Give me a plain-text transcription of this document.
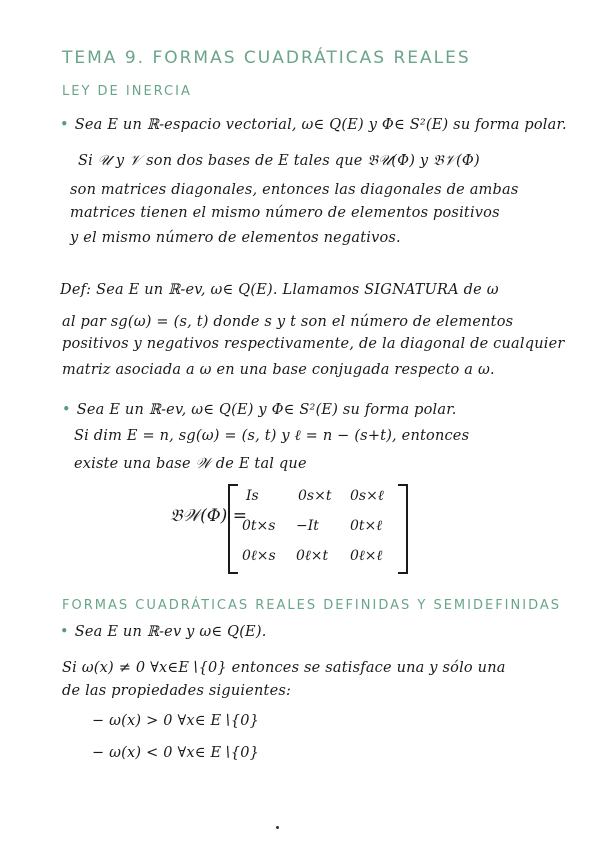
TEMA 9. FORMAS CUADRÁTICAS REALES
LEY DE INERCIA
• Sea E un ℝ-espacio vectorial, ω∈ Q(E) y Φ∈ S²(E) su forma polar.
Si 𝒰 y 𝒱 son dos bases de E tales que 𝔅𝒰(Φ) y 𝔅𝒱(Φ)
son matrices diagonales, entonces las diagonales de ambas
matrices tienen el mismo número de elementos positivos
y el mismo número de elementos negativos.
Def: Sea E un ℝ-ev, ω∈ Q(E). Llamamos SIGNATURA de ω
al par sg(ω) = (s, t) donde s y t son el número de elementos
positivos y negativos respectivamente, de la diagonal de cualquier
matriz asociada a ω en una base conjugada respecto a ω.
• Sea E un ℝ-ev, ω∈ Q(E) y Φ∈ S²(E) su forma polar.
Si dim E = n, sg(ω) = (s, t) y ℓ = n − (s+t), entonces
existe una base 𝒲 de E tal que
𝔅𝒲(Φ) =
Is	0s×t 0s×ℓ
0t×s −It 0t×ℓ
0ℓ×s 0ℓ×t 0ℓ×ℓ
FORMAS CUADRÁTICAS REALES DEFINIDAS Y SEMIDEFINIDAS
• Sea E un ℝ-ev y ω∈ Q(E).
Si ω(x) ≠ 0 ∀x∈E∖{0} entonces se satisface una y sólo una
de las propiedades siguientes:
− ω(x) > 0 ∀x∈ E∖{0}
− ω(x) < 0 ∀x∈ E∖{0}
